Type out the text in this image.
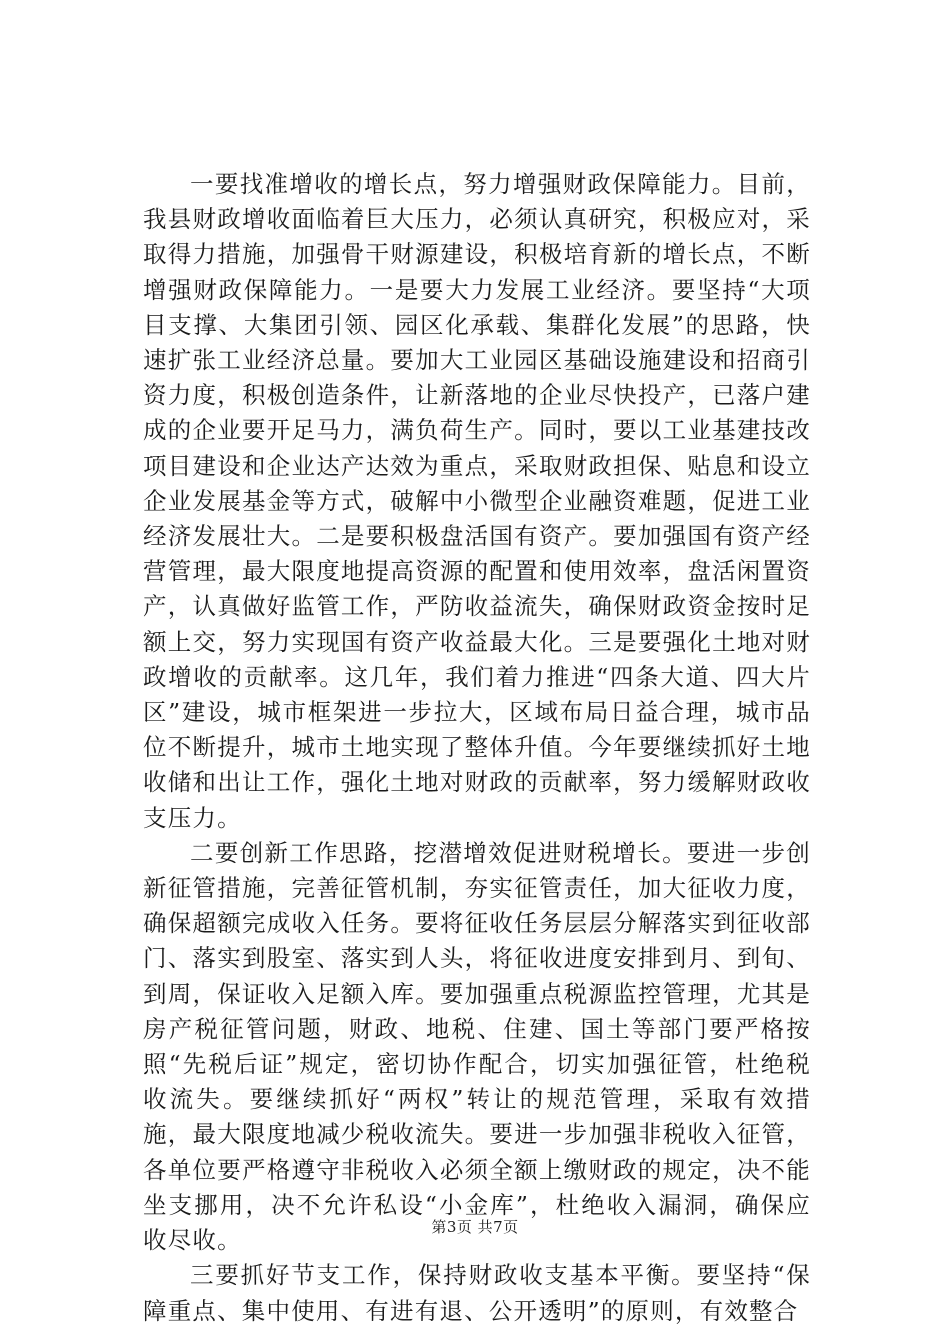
一要找准增收的增长点，努力增强财政保障能力。目前，我县财政增收面临着巨大压力，必须认真研究，积极应对，采取得力措施，加强骨干财源建设，积极培育新的增长点，不断增强财政保障能力。一是要大力发展工业经济。要坚持“大项目支撑、大集团引领、园区化承载、集群化发展”的思路，快速扩张工业经济总量。要加大工业园区基础设施建设和招商引资力度，积极创造条件，让新落地的企业尽快投产，已落户建成的企业要开足马力，满负荷生产。同时，要以工业基建技改项目建设和企业达产达效为重点，采取财政担保、贴息和设立企业发展基金等方式，破解中小微型企业融资难题，促进工业经济发展壮大。二是要积极盘活国有资产。要加强国有资产经营管理，最大限度地提高资源的配置和使用效率，盘活闲置资产，认真做好监管工作，严防收益流失，确保财政资金按时足额上交，努力实现国有资产收益最大化。三是要强化土地对财政增收的贡献率。这几年，我们着力推进“四条大道、四大片区”建设，城市框架进一步拉大，区域布局日益合理，城市品位不断提升，城市土地实现了整体升值。今年要继续抓好土地收储和出让工作，强化土地对财政的贡献率，努力缓解财政收支压力。

二要创新工作思路，挖潜增效促进财税增长。要进一步创新征管措施，完善征管机制，夯实征管责任，加大征收力度，确保超额完成收入任务。要将征收任务层层分解落实到征收部门、落实到股室、落实到人头，将征收进度安排到月、到旬、到周，保证收入足额入库。要加强重点税源监控管理，尤其是房产税征管问题，财政、地税、住建、国土等部门要严格按照“先税后证”规定，密切协作配合，切实加强征管，杜绝税收流失。要继续抓好“两权”转让的规范管理，采取有效措施，最大限度地减少税收流失。要进一步加强非税收入征管，各单位要严格遵守非税收入必须全额上缴财政的规定，决不能坐支挪用，决不允许私设“小金库”，杜绝收入漏洞，确保应收尽收。

三要抓好节支工作，保持财政收支基本平衡。要坚持“保障重点、集中使用、有进有退、公开透明”的原则，有效整合

第3页 共7页
